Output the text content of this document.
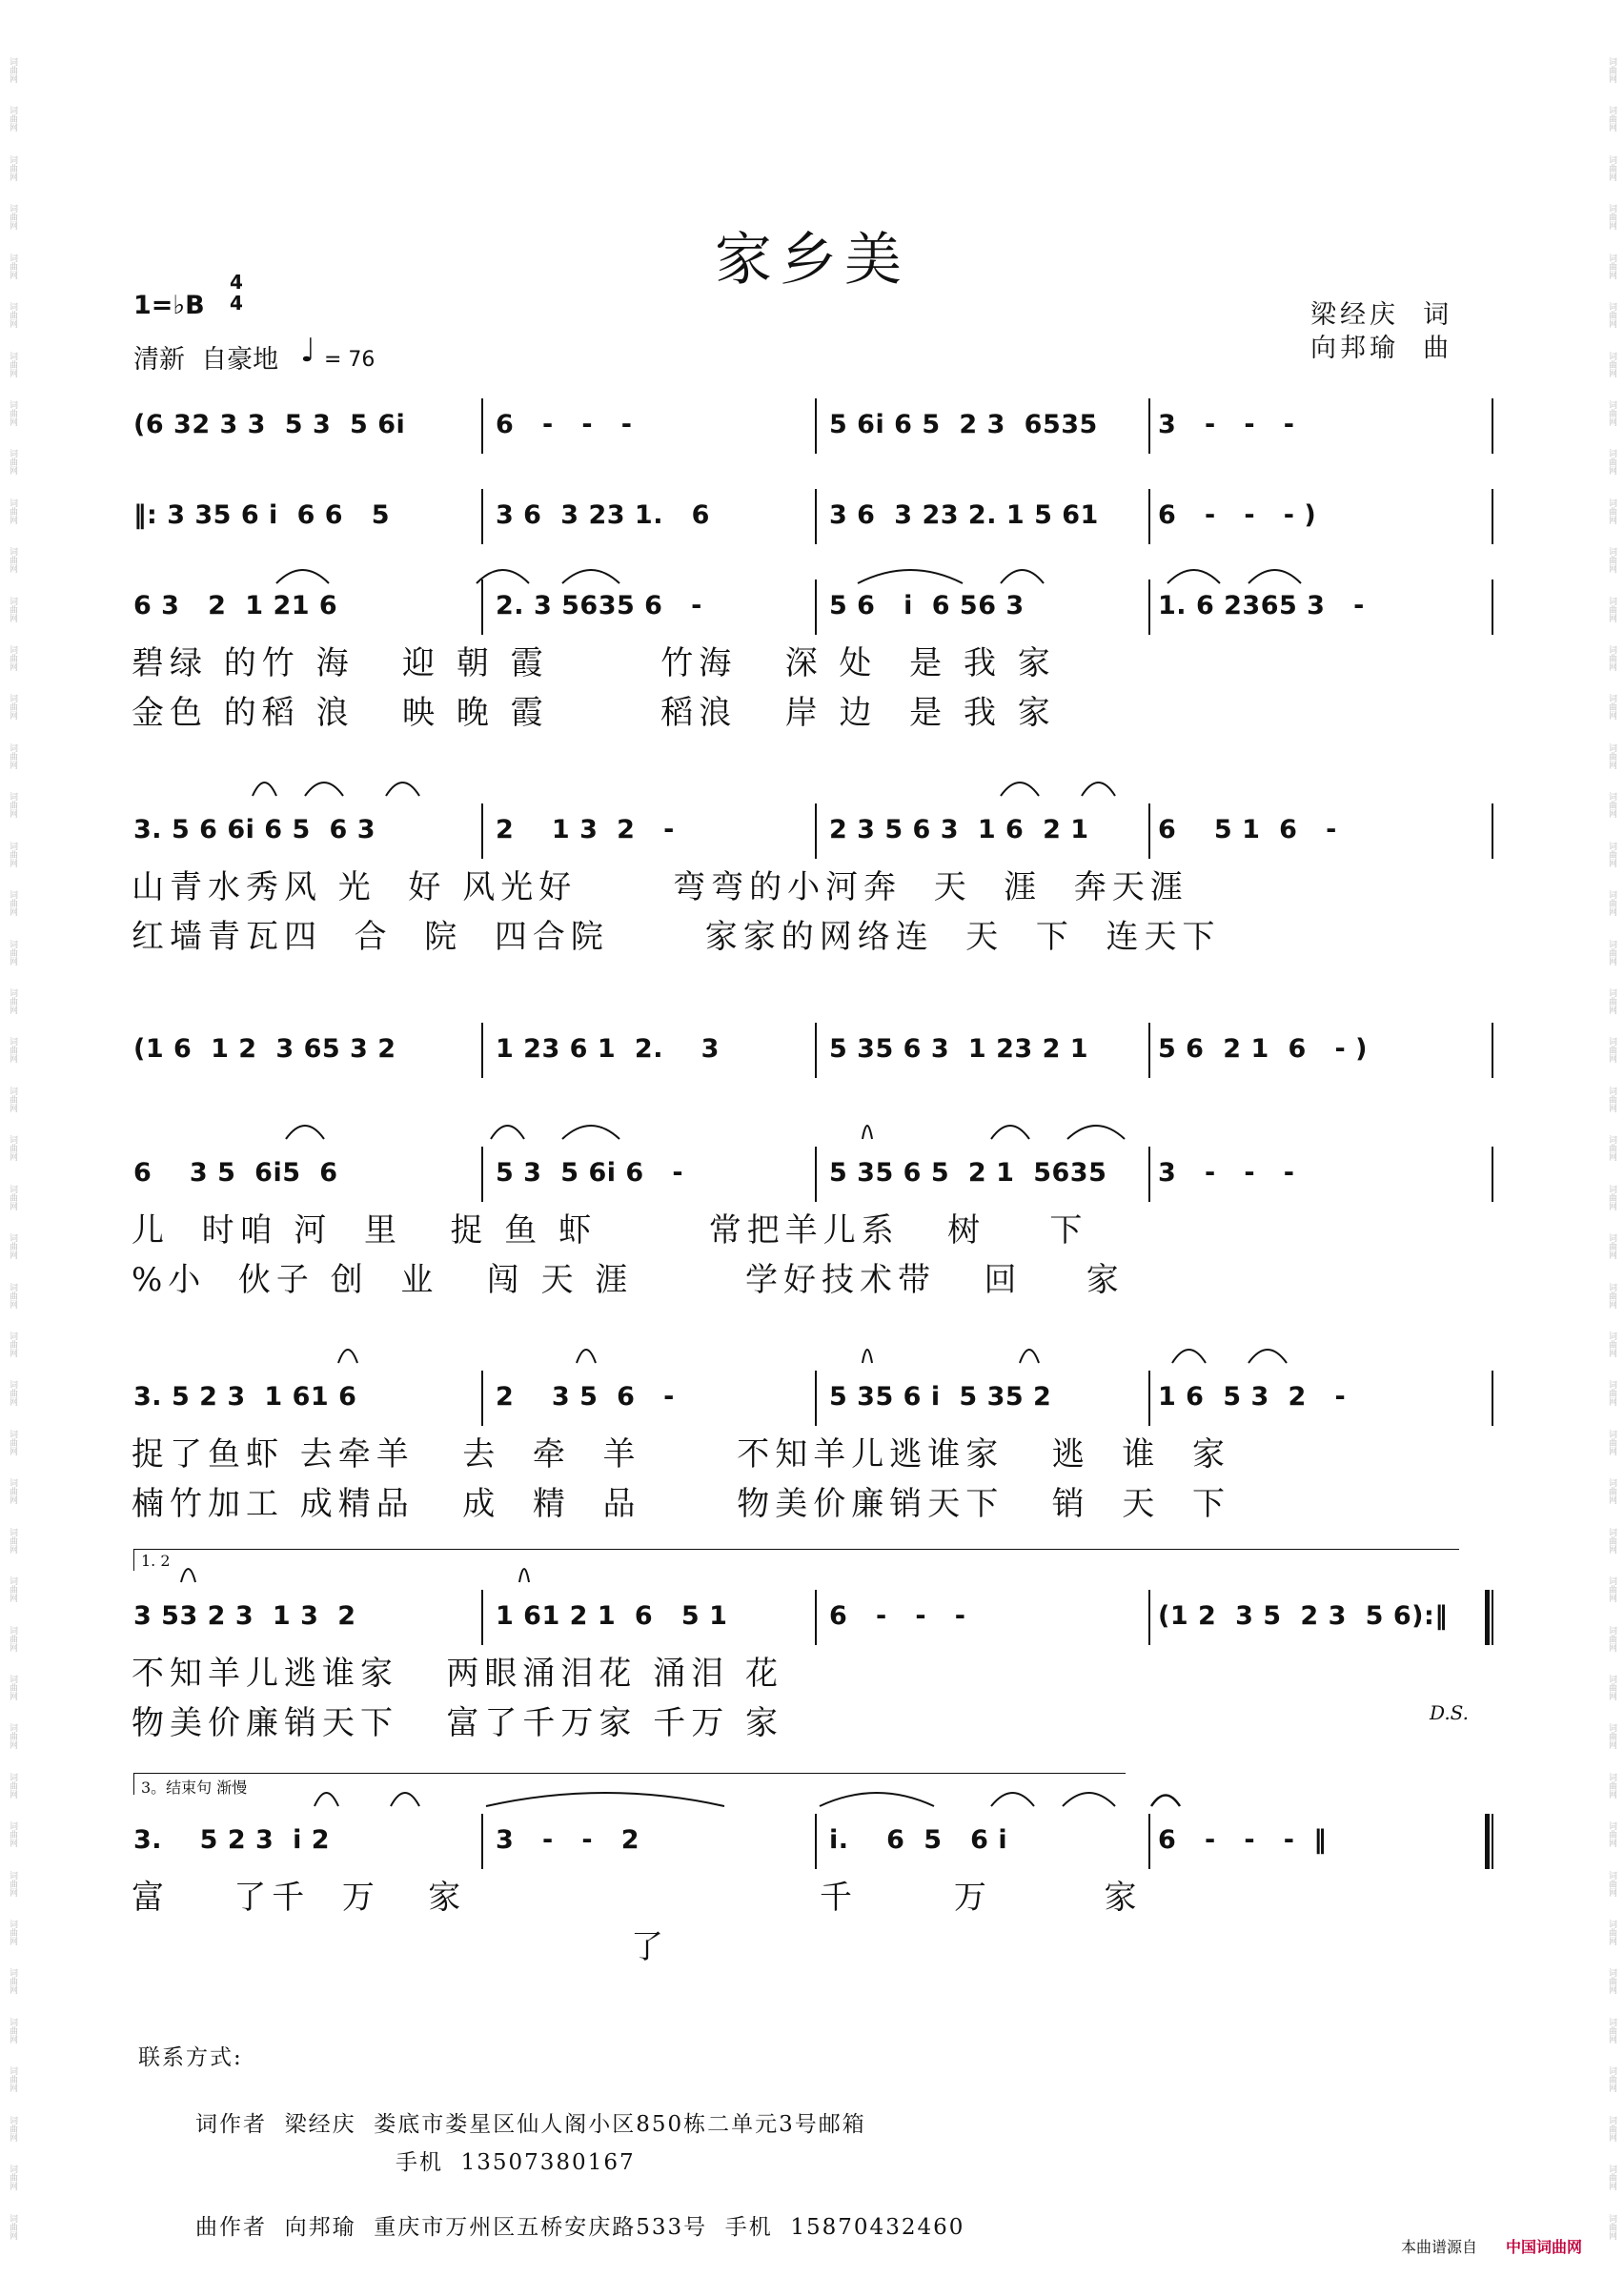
词曲网
词曲网
词曲网
词曲网
词曲网
词曲网
词曲网
词曲网
词曲网
词曲网
词曲网
词曲网
词曲网
词曲网
词曲网
词曲网
词曲网
词曲网
词曲网
词曲网
词曲网
词曲网
词曲网
词曲网
词曲网
词曲网
词曲网
词曲网
词曲网
词曲网
词曲网
词曲网
词曲网
词曲网
词曲网
词曲网
词曲网
词曲网
词曲网
词曲网
词曲网
词曲网
词曲网
词曲网
词曲网
词曲网
词曲网
词曲网
词曲网
词曲网
词曲网
词曲网
词曲网
词曲网
词曲网
词曲网
词曲网
词曲网
词曲网
词曲网
词曲网
词曲网
词曲网
词曲网
词曲网
词曲网
词曲网
词曲网
词曲网
词曲网
词曲网
词曲网
词曲网
词曲网
词曲网
词曲网
词曲网
词曲网
词曲网
词曲网
词曲网
词曲网
词曲网
词曲网
词曲网
词曲网
词曲网
词曲网
词曲网
词曲网
家乡美
1=♭B
4
4
清新  自豪地 ♩ = 76
梁经庆  词
向邦瑜  曲
(6 32 3 3  5 3  5 6i	6   -   -   -	5 6i 6 5  2 3  6535 3   -   -   -
‖: 3 35 6 i  6 6   5	3 6  3 23 1.   6	3 6  3 23 2. 1 5 61 6   -   -   - )
6 3   2  1 21 6	2. 3 5635 6   -	5 6   i  6 56 3	1. 6 2365 3   -
碧绿 的竹 海   迎 朝 霞       竹海   深 处  是 我 家
金色 的稻 浪   映 晚 霞       稻浪   岸 边  是 我 家
3. 5 6 6i 6 5  6 3	2    1 3  2   -	2 3 5 6 3  1 6  2 1	6    5 1  6   -
山青水秀风 光  好 风光好      弯弯的小河奔  天  涯  奔天涯
红墙青瓦四  合  院  四合院      家家的网络连  天  下  连天下
(1 6  1 2  3 65 3 2	1 23 6 1  2.    3	5 35 6 3  1 23 2 1	5 6  2 1  6   - )
6    3 5  6i5  6	5 3  5 6i 6   -	5 35 6 5  2 1  5635 3   -   -   -
儿  时咱 河  里   捉 鱼 虾       常把羊儿系   树    下
%小  伙子 创  业   闯 天 涯       学好技术带   回    家
3. 5 2 3  1 61 6	2    3 5  6   -	5 35 6 i  5 35 2	1 6  5 3  2   -
捉了鱼虾 去牵羊   去  牵  羊      不知羊儿逃谁家   逃  谁  家
楠竹加工 成精品   成  精  品      物美价廉销天下   销  天  下
3 53 2 3  1 3  2	1 61 2 1  6   5 1	6   -   -   -	(1 2  3 5  2 3  5 6):‖
不知羊儿逃谁家   两眼涌泪花 涌泪 花
物美价廉销天下   富了千万家 千万 家
1. 2
D.S.
3.    5 2 3  i 2	3   -   -   2	i.    6  5   6 i	6   -   -   -  ‖
富    了千  万   家
了
千      万       家
3。结束句 渐慢
联系方式:
词作者  梁经庆  娄底市娄星区仙人阁小区850栋二单元3号邮箱
手机  13507380167
曲作者  向邦瑜  重庆市万州区五桥安庆路533号  手机  15870432460
本曲谱源自 中国词曲网
